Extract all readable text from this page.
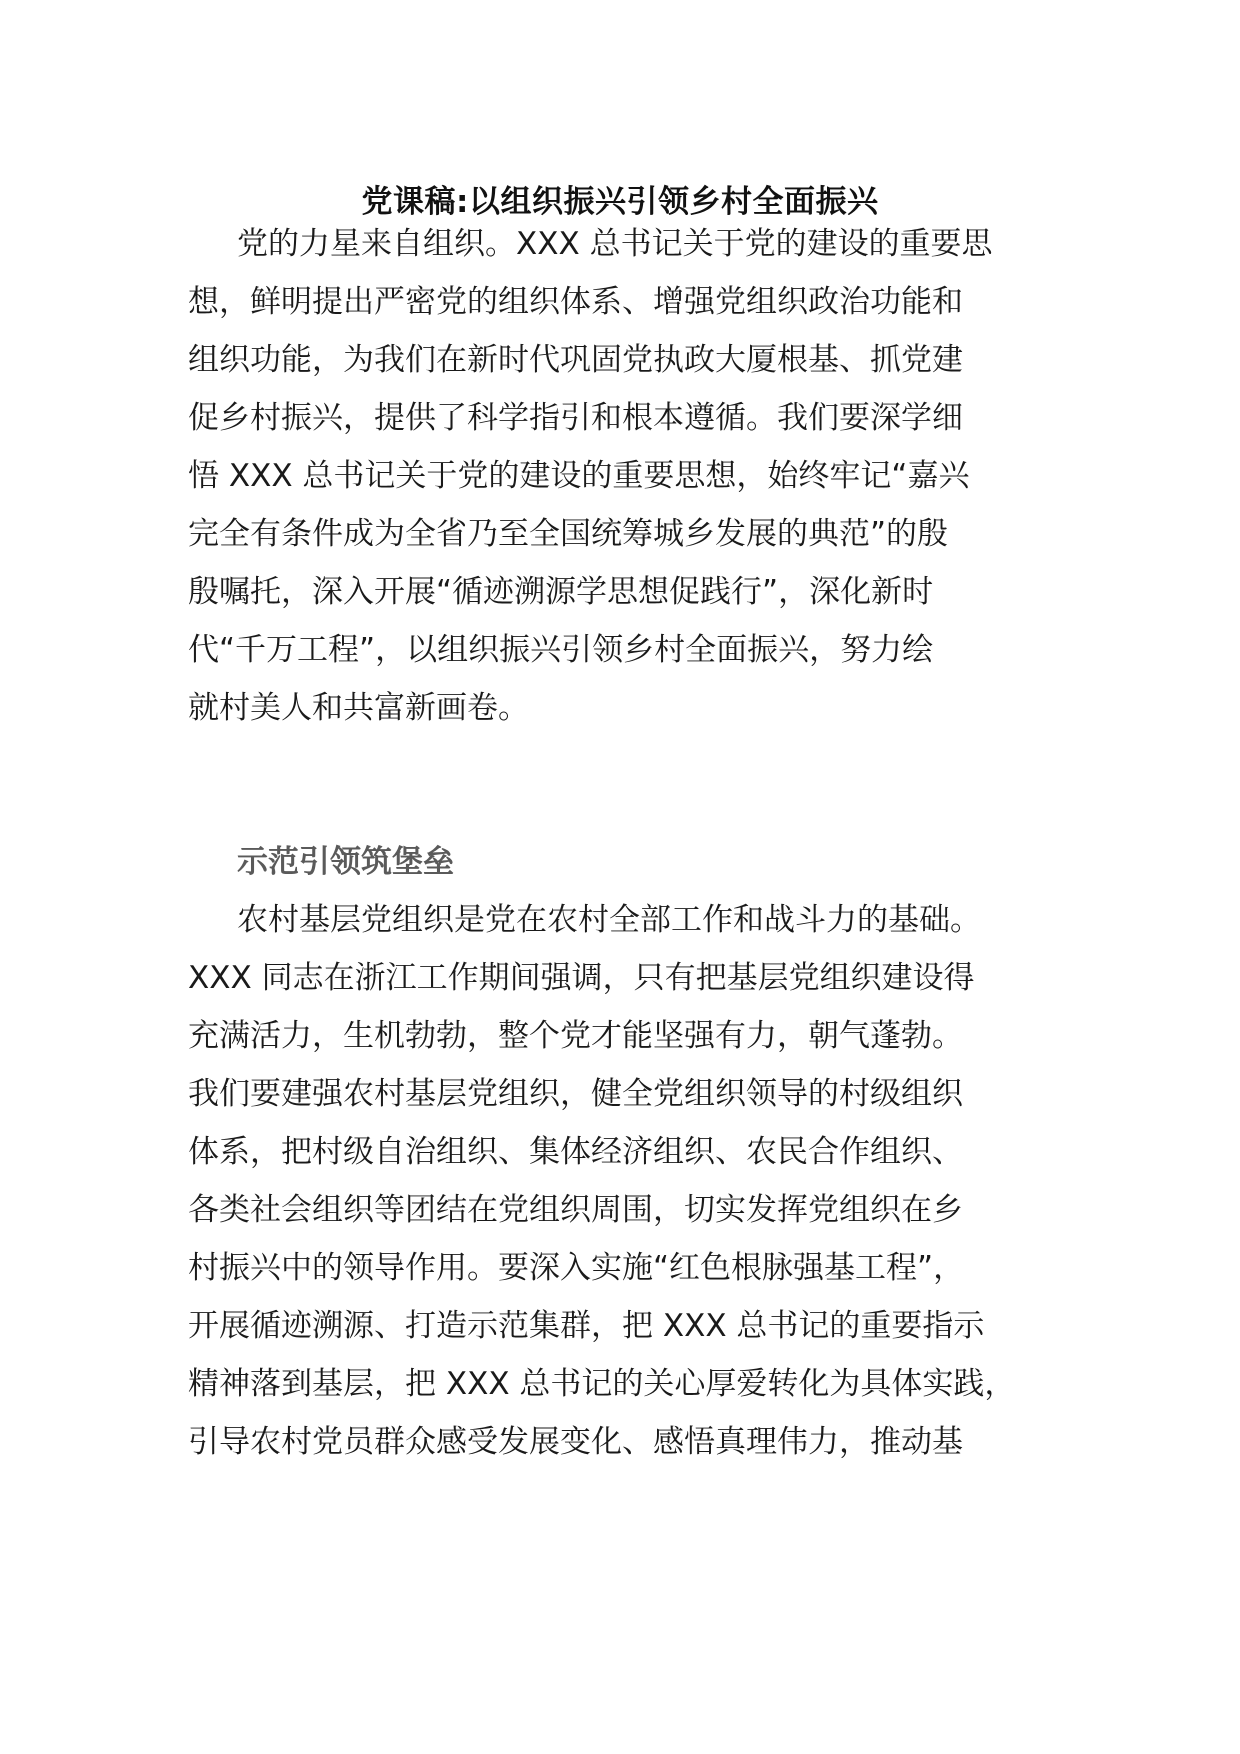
党课稿:以组织振兴引领乡村全面振兴
党的力星来自组织。XXX 总书记关于党的建设的重要思
想，鲜明提出严密党的组织体系、增强党组织政治功能和
组织功能，为我们在新时代巩固党执政大厦根基、抓党建
促乡村振兴，提供了科学指引和根本遵循。我们要深学细
悟 XXX 总书记关于党的建设的重要思想，始终牢记“嘉兴
完全有条件成为全省乃至全国统筹城乡发展的典范”的殷
殷嘱托，深入开展“循迹溯源学思想促践行”，深化新时
代“千万工程”，以组织振兴引领乡村全面振兴，努力绘
就村美人和共富新画卷。
示范引领筑堡垒
农村基层党组织是党在农村全部工作和战斗力的基础。
XXX 同志在浙江工作期间强调，只有把基层党组织建设得
充满活力，生机勃勃，整个党才能坚强有力，朝气蓬勃。
我们要建强农村基层党组织，健全党组织领导的村级组织
体系，把村级自治组织、集体经济组织、农民合作组织、
各类社会组织等团结在党组织周围，切实发挥党组织在乡
村振兴中的领导作用。要深入实施“红色根脉强基工程”，
开展循迹溯源、打造示范集群，把 XXX 总书记的重要指示
精神落到基层，把 XXX 总书记的关心厚爱转化为具体实践，
引导农村党员群众感受发展变化、感悟真理伟力，推动基
